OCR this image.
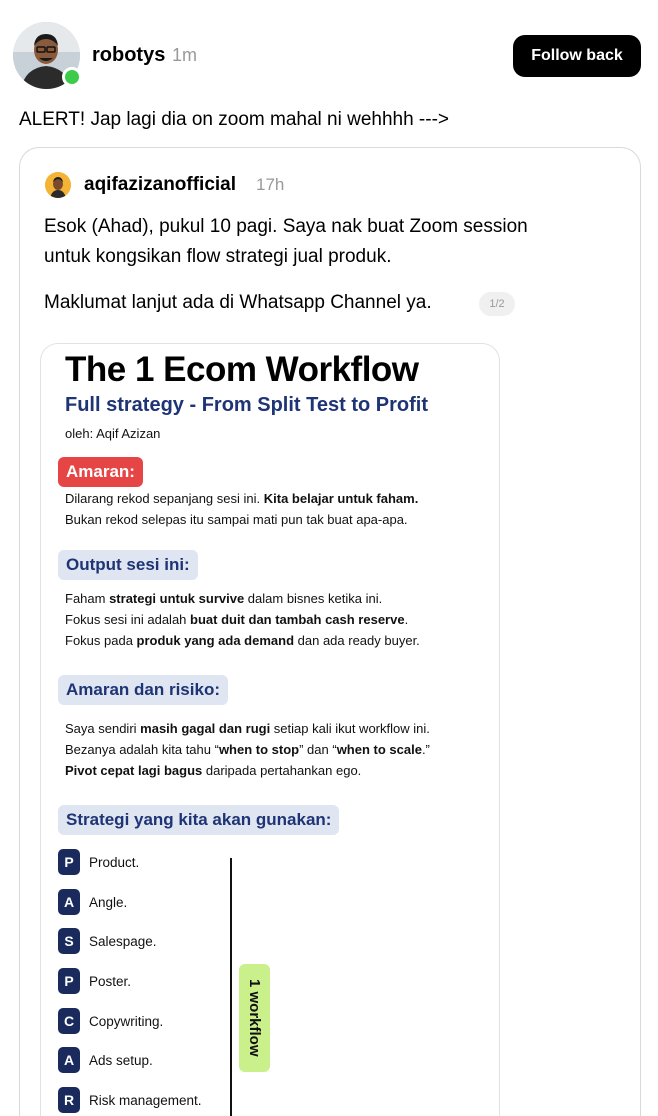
robotys 1m	Follow back
ALERT! Jap lagi dia on zoom mahal ni wehhhh --->
aqifazizanofficial 17h
Esok (Ahad), pukul 10 pagi. Saya nak buat Zoom session
untuk kongsikan flow strategi jual produk.
Maklumat lanjut ada di Whatsapp Channel ya.	1/2
The 1 Ecom Workflow
Full strategy - From Split Test to Profit
oleh: Aqif Azizan
Amaran:
Dilarang rekod sepanjang sesi ini. Kita belajar untuk faham.
Bukan rekod selepas itu sampai mati pun tak buat apa-apa.
Output sesi ini:
Faham strategi untuk survive dalam bisnes ketika ini.
Fokus sesi ini adalah buat duit dan tambah cash reserve.
Fokus pada produk yang ada demand dan ada ready buyer.
Amaran dan risiko:
Saya sendiri masih gagal dan rugi setiap kali ikut workflow ini.
Bezanya adalah kita tahu “when to stop” dan “when to scale.”
Pivot cepat lagi bagus daripada pertahankan ego.
Strategi yang kita akan gunakan:
P	Product.
A	Angle.
S	Salespage.
P	Poster.
C	Copywriting.
A	Ads setup.
R	Risk management.
1 workflow
